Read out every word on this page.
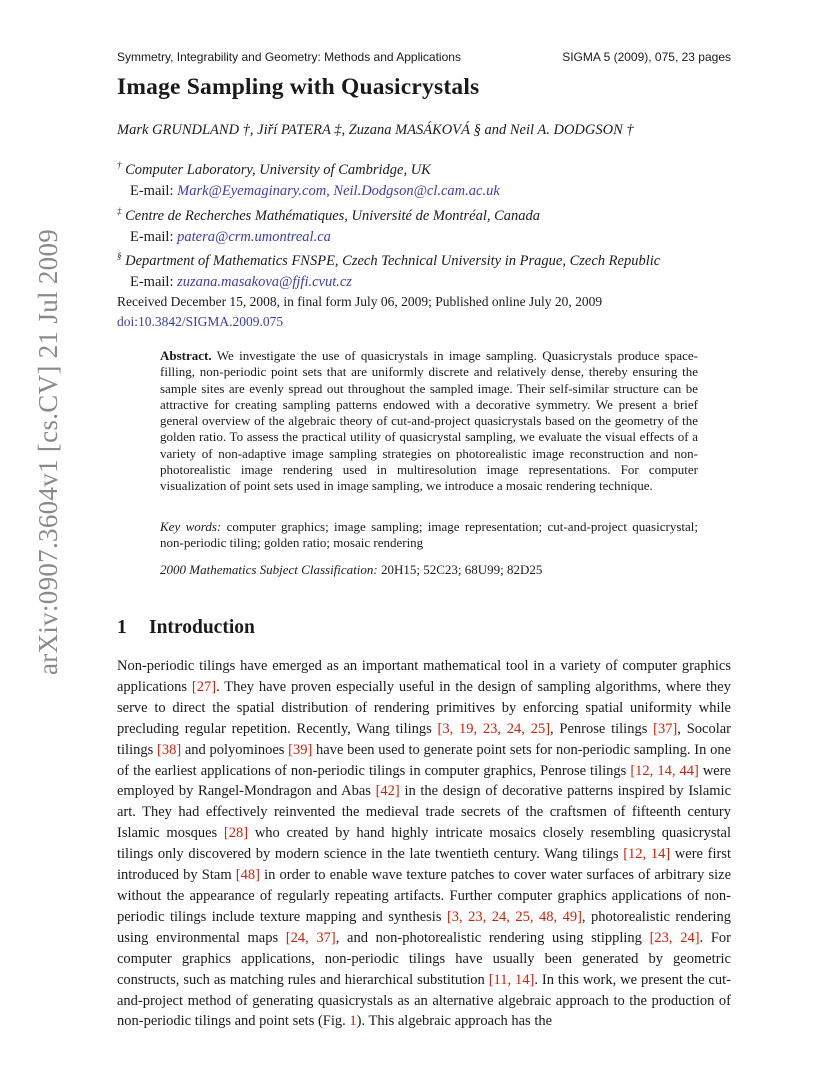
Symmetry, Integrability and Geometry: Methods and Applications	SIGMA 5 (2009), 075, 23 pages
Image Sampling with Quasicrystals
Mark GRUNDLAND †, Jiří PATERA ‡, Zuzana MASÁKOVÁ § and Neil A. DODGSON †
† Computer Laboratory, University of Cambridge, UK
E-mail: Mark@Eyemaginary.com, Neil.Dodgson@cl.cam.ac.uk
‡ Centre de Recherches Mathématiques, Université de Montréal, Canada
E-mail: patera@crm.umontreal.ca
§ Department of Mathematics FNSPE, Czech Technical University in Prague, Czech Republic
E-mail: zuzana.masakova@fjfi.cvut.cz
Received December 15, 2008, in final form July 06, 2009; Published online July 20, 2009
doi:10.3842/SIGMA.2009.075
Abstract. We investigate the use of quasicrystals in image sampling. Quasicrystals produce space-filling, non-periodic point sets that are uniformly discrete and relatively dense, thereby ensuring the sample sites are evenly spread out throughout the sampled image. Their self-similar structure can be attractive for creating sampling patterns endowed with a decorative symmetry. We present a brief general overview of the algebraic theory of cut-and-project quasicrystals based on the geometry of the golden ratio. To assess the practical utility of quasicrystal sampling, we evaluate the visual effects of a variety of non-adaptive image sampling strategies on photorealistic image reconstruction and non-photorealistic image rendering used in multiresolution image representations. For computer visualization of point sets used in image sampling, we introduce a mosaic rendering technique.
Key words: computer graphics; image sampling; image representation; cut-and-project quasicrystal; non-periodic tiling; golden ratio; mosaic rendering
2000 Mathematics Subject Classification: 20H15; 52C23; 68U99; 82D25
1 Introduction
Non-periodic tilings have emerged as an important mathematical tool in a variety of computer graphics applications [27]. They have proven especially useful in the design of sampling algorithms, where they serve to direct the spatial distribution of rendering primitives by enforcing spatial uniformity while precluding regular repetition. Recently, Wang tilings [3, 19, 23, 24, 25], Penrose tilings [37], Socolar tilings [38] and polyominoes [39] have been used to generate point sets for non-periodic sampling. In one of the earliest applications of non-periodic tilings in computer graphics, Penrose tilings [12, 14, 44] were employed by Rangel-Mondragon and Abas [42] in the design of decorative patterns inspired by Islamic art. They had effectively reinvented the medieval trade secrets of the craftsmen of fifteenth century Islamic mosques [28] who created by hand highly intricate mosaics closely resembling quasicrystal tilings only discovered by modern science in the late twentieth century. Wang tilings [12, 14] were first introduced by Stam [48] in order to enable wave texture patches to cover water surfaces of arbitrary size without the appearance of regularly repeating artifacts. Further computer graphics applications of non-periodic tilings include texture mapping and synthesis [3, 23, 24, 25, 48, 49], photorealistic rendering using environmental maps [24, 37], and non-photorealistic rendering using stippling [23, 24]. For computer graphics applications, non-periodic tilings have usually been generated by geometric constructs, such as matching rules and hierarchical substitution [11, 14]. In this work, we present the cut-and-project method of generating quasicrystals as an alternative algebraic approach to the production of non-periodic tilings and point sets (Fig. 1). This algebraic approach has the
arXiv:0907.3604v1 [cs.CV] 21 Jul 2009
